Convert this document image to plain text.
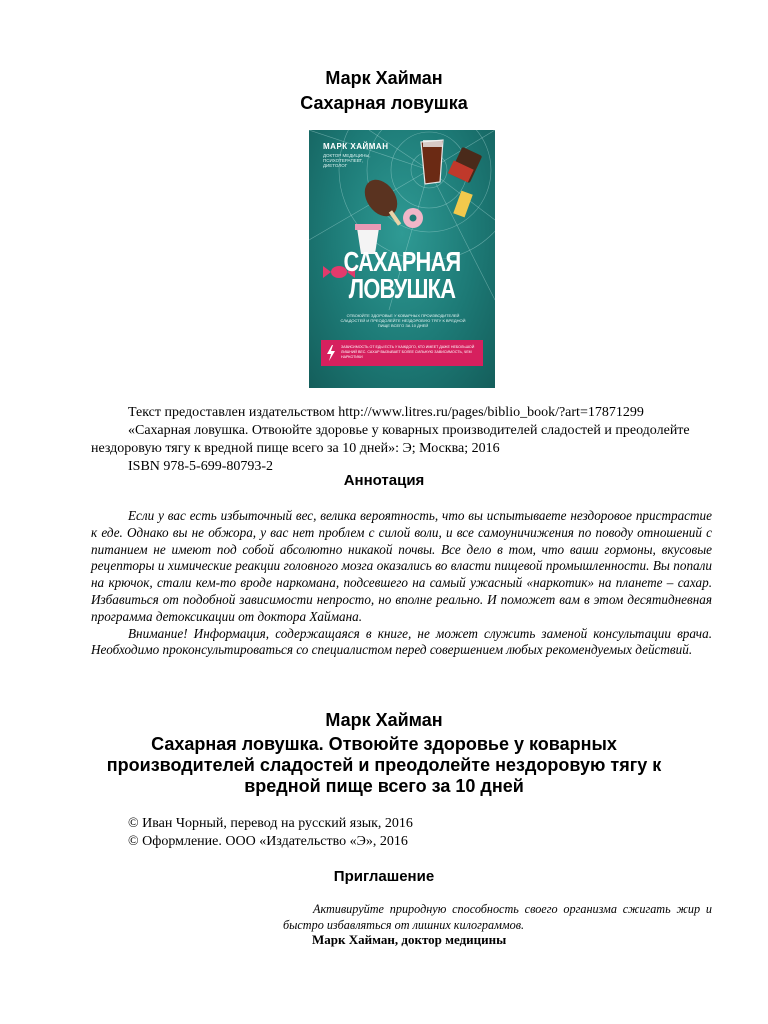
Марк Хайман
Сахарная ловушка
МАРК ХАЙМАН
ДОКТОР МЕДИЦИНЫ, ПСИХОТЕРАПЕВТ, ДИЕТОЛОГ
САХАРНАЯ
ЛОВУШКА
ОТВОЮЙТЕ ЗДОРОВЬЕ У КОВАРНЫХ ПРОИЗВОДИТЕЛЕЙ СЛАДОСТЕЙ И ПРЕОДОЛЕЙТЕ НЕЗДОРОВУЮ ТЯГУ К ВРЕДНОЙ ПИЩЕ ВСЕГО ЗА 10 ДНЕЙ
ЗАВИСИМОСТЬ ОТ ЕДЫ ЕСТЬ У КАЖДОГО, КТО ИМЕЕТ ДАЖЕ НЕБОЛЬШОЙ ЛИШНИЙ ВЕС. САХАР ВЫЗЫВАЕТ БОЛЕЕ СИЛЬНУЮ ЗАВИСИМОСТЬ, ЧЕМ НАРКОТИКИ

Текст предоставлен издательством http://www.litres.ru/pages/biblio_book/?art=17871299

«Сахарная ловушка. Отвоюйте здоровье у коварных производителей сладостей и преодолейте нездоровую тягу к вредной пище всего за 10 дней»: Э; Москва; 2016

ISBN 978-5-699-80793-2

Аннотация

Если у вас есть избыточный вес, велика вероятность, что вы испытываете нездоровое пристрастие к еде. Однако вы не обжора, у вас нет проблем с силой воли, и все самоуничижения по поводу отношений с питанием не имеют под собой абсолютно никакой почвы. Все дело в том, что ваши гормоны, вкусовые рецепторы и химические реакции головного мозга оказались во власти пищевой промышленности. Вы попали на крючок, стали кем-то вроде наркомана, подсевшего на самый ужасный «наркотик» на планете – сахар. Избавиться от подобной зависимости непросто, но вполне реально. И поможет вам в этом десятидневная программа детоксикации от доктора Хаймана.

Внимание! Информация, содержащаяся в книге, не может служить заменой консультации врача. Необходимо проконсультироваться со специалистом перед совершением любых рекомендуемых действий.

Марк Хайман
Сахарная ловушка. Отвоюйте здоровье у коварных производителей сладостей и преодолейте нездоровую тягу к вредной пище всего за 10 дней
© Иван Чорный, перевод на русский язык, 2016
© Оформление. ООО «Издательство «Э», 2016
Приглашение

Активируйте природную способность своего организма сжигать жир и быстро избавляться от лишних килограммов.

Марк Хайман, доктор медицины
